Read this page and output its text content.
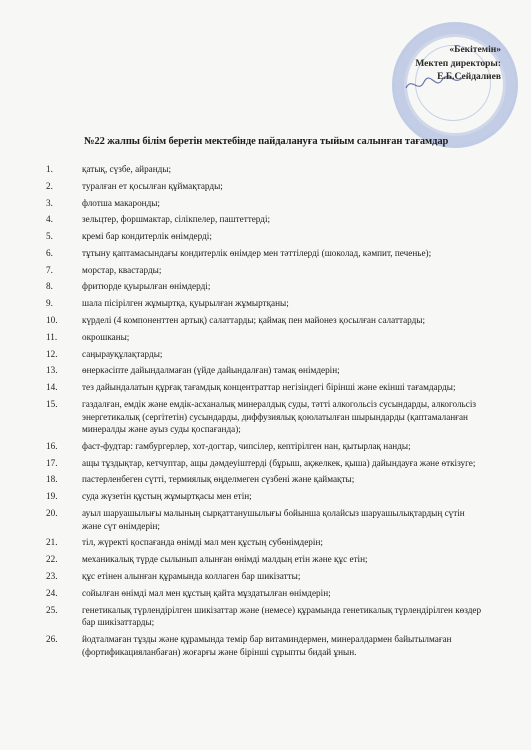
«Бекітемін»
Мектеп директоры:
Е.Б.Сейдалиев
№22 жалпы білім беретін мектебінде пайдалануға тыйым салынған тағамдар
1.	қатық, сүзбе, айранды;
2.	туралған ет қосылған құймақтарды;
3.	флотша макаронды;
4.	зельцтер, форшмактар, сілікпелер, паштеттерді;
5.	кремі бар кондитерлік өнімдерді;
6.	тұтыну қаптамасындағы кондитерлік өнімдер мен тәттілерді (шоколад, кәмпит, печенье);
7.	морстар, квастарды;
8.	фритюрде қуырылған өнімдерді;
9.	шала пісірілген жұмыртқа, қуырылған жұмыртқаны;
10.	күрделі (4 компоненттен артық) салаттарды; қаймақ пен майонез қосылған салаттарды;
11.	окрошканы;
12.	саңырауқұлақтарды;
13.	өнеркәсіпте дайындалмаған (үйде дайындалған) тамақ өнімдерін;
14.	тез дайындалатын құрғақ тағамдық концентраттар негізіндегі бірінші және екінші тағамдарды;
15.	газдалған, емдік және емдік-асханалық минералдық суды, тәтті алкогольсіз сусындарды, алкогольсіз энергетикалық (сергітетін) сусындарды, диффузиялық қоюлатылған шырындарды (қаптамаланған минералды және ауыз суды қоспағанда);
16.	фаст-фудтар: гамбургерлер, хот-догтар, чипсілер, кептірілген нан, қытырлақ нанды;
17.	ащы тұздықтар, кетчуптар, ащы дәмдеуіштерді (бұрыш, ақжелкек, қыша) дайындауға және өткізуге;
18.	пастерленбеген сүтті, термиялық өңделмеген сүзбені және қаймақты;
19.	суда жүзетін құстың жұмыртқасы мен етін;
20.	ауыл шаруашылығы малының сырқаттанушылығы бойынша қолайсыз шаруашылықтардың сүтін және сүт өнімдерін;
21.	тіл, жүректі қоспағанда өнімді мал мен құстың субөнімдерін;
22.	механикалық түрде сылынып алынған өнімді малдың етін және құс етін;
23.	құс етінен алынған құрамында коллаген бар шикізатты;
24.	сойылған өнімді мал мен құстың қайта мұздатылған өнімдерін;
25.	генетикалық түрлендірілген шикізаттар және (немесе) құрамында генетикалық түрлендірілген көздер бар шикізаттарды;
26.	йодталмаған тұзды және құрамында темір бар витаминдермен, минералдармен байытылмаған (фортификацияланбаған) жоғарғы және бірінші сұрыпты бидай ұнын.
